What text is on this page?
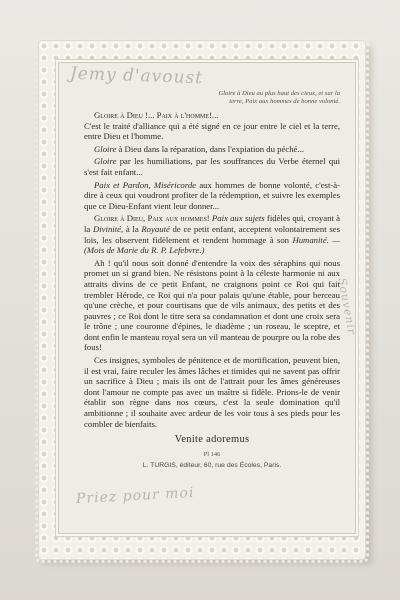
Jemy d'avoust
Souvenir
Gloire à Dieu au plus haut des cieux, et sur la
terre, Paix aux hommes de bonne volonté.

Gloire à Dieu !... Paix à l'homme!...
C'est le traité d'alliance qui a été signé en ce jour entre le ciel et la terre, entre Dieu et l'homme.

Gloire à Dieu dans la réparation, dans l'expiation du péché...

Gloire par les humiliations, par les souffrances du Verbe éternel qui s'est fait enfant...

Paix et Pardon, Miséricorde aux hommes de bonne volonté, c'est-à-dire à ceux qui voudront profiter de la rédemption, et suivre les exemples que ce Dieu-Enfant vient leur donner...

Gloire à Dieu, Paix aux hommes! Paix aux sujets fidèles qui, croyant à la Divinité, à la Royauté de ce petit enfant, acceptent volontairement ses lois, les observent fidèlement et rendent hommage à son Humanité. — (Mois de Marie du R. P. Lefebvre.)

Ah ! qu'il nous soit donné d'entendre la voix des séraphins qui nous promet un si grand bien. Ne résistons point à la céleste harmonie ni aux attraits divins de ce petit Enfant, ne craignons point ce Roi qui fait trembler Hérode, ce Roi qui n'a pour palais qu'une étable, pour berceau qu'une crèche, et pour courtisans que de vils animaux, des petits et des pauvres ; ce Roi dont le titre sera sa condamnation et dont une croix sera le trône ; une couronne d'épines, le diadème ; un roseau, le sceptre, et dont enfin le manteau royal sera un vil manteau de pourpre ou la robe des fous!

Ces insignes, symboles de pénitence et de mortification, peuvent bien, il est vrai, faire reculer les âmes lâches et timides qui ne savent pas offrir un sacrifice à Dieu ; mais ils ont de l'attrait pour les âmes généreuses dont l'amour ne compte pas avec un maître si fidèle. Prions-le de venir établir son règne dans nos cœurs, c'est la seule domination qu'il ambitionne ; il souhaite avec ardeur de les voir tous à ses pieds pour les combler de bienfaits.

Venite adoremus
Pl 146
L. TURGIS, éditeur, 60, rue des Écoles, Paris.
Priez pour moi
